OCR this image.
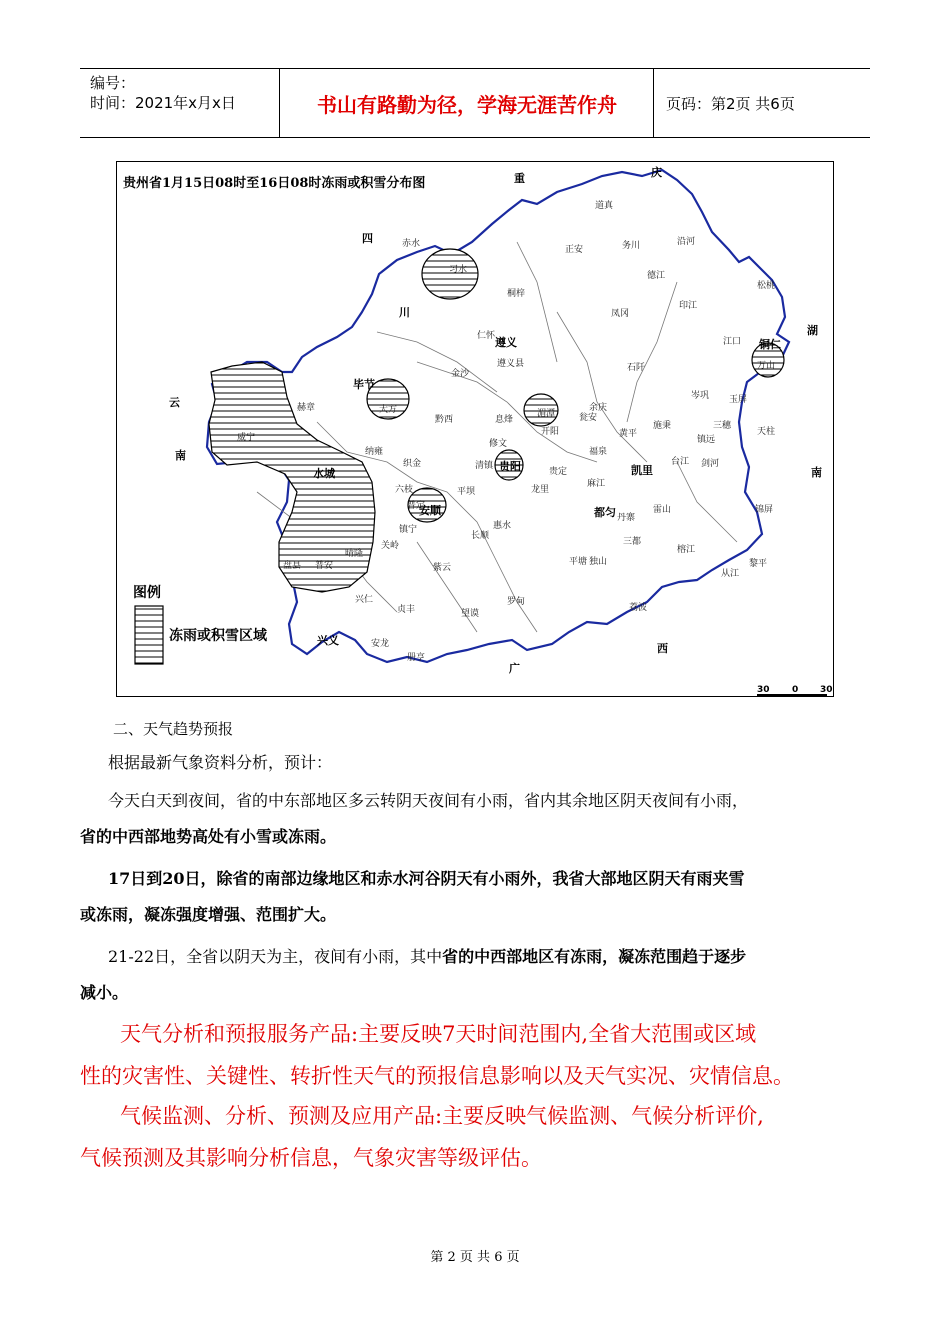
编号：
时间：2021年x月x日	书山有路勤为径，学海无涯苦作舟	页码：第2页 共6页
贵州省1月15日08时至16日08时冻雨或积雪分布图	重	庆
四
川
云
南
湖
南
广
西
遵义
毕节
铜仁
凯里
都匀
安顺
水城
兴义
贵阳
道真
务川	沿河
赤水
习水
桐梓
正安
凤冈
德江
印江
松桃
仁怀
遵义县
湄潭
余庆
石阡
江口
岑巩 玉屏
万山
大方
黔西
金沙
息烽
开阳
瓮安
黄平
施秉
镇远
三穗
天柱
威宁
赫章
纳雍
织金
普定
清镇
修文
平坝	龙里
贵定
麻江
雷山
台江 剑河
锦屏
黎平
六枝
镇宁
关岭
紫云
长顺
惠水
罗甸
平塘 独山
三都
榕江
从江
荔波
盘县 普安
晴隆
兴仁
贞丰	望谟
册亨
安龙
丹寨
福泉
图例
冻雨或积雪区域
30 0 30
二、天气趋势预报
根据最新气象资料分析，预计：
今天白天到夜间，省的中东部地区多云转阴天夜间有小雨，省内其余地区阴天夜间有小雨，
省的中西部地势高处有小雪或冻雨。
17日到20日，除省的南部边缘地区和赤水河谷阴天有小雨外，我省大部地区阴天有雨夹雪
或冻雨，凝冻强度增强、范围扩大。
21-22日，全省以阴天为主，夜间有小雨，其中省的中西部地区有冻雨，凝冻范围趋于逐步
减小。
天气分析和预报服务产品:主要反映7天时间范围内,全省大范围或区域
性的灾害性、关键性、转折性天气的预报信息影响以及天气实况、灾情信息。
气候监测、分析、预测及应用产品:主要反映气候监测、气候分析评价,
气候预测及其影响分析信息，气象灾害等级评估。
第 2 页 共 6 页
